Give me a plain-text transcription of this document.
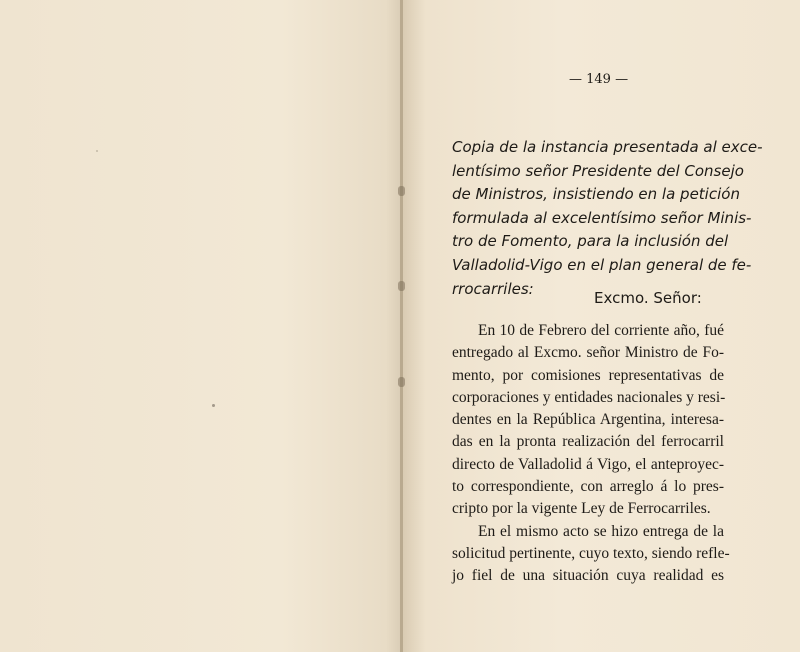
— 149 —
Copia de la instancia presentada al exce-
lentísimo señor Presidente del Consejo
de Ministros, insistiendo en la petición
formulada al excelentísimo señor Minis-
tro de Fomento, para la inclusión del
Valladolid-Vigo en el plan general de fe-
rrocarriles:
Excmo. Señor:
En 10 de Febrero del corriente año, fué
entregado al Excmo. señor Ministro de Fo-
mento, por comisiones representativas de
corporaciones y entidades nacionales y resi-
dentes en la República Argentina, interesa-
das en la pronta realización del ferrocarril
directo de Valladolid á Vigo, el anteproyec-
to correspondiente, con arreglo á lo pres-
cripto por la vigente Ley de Ferrocarriles.
En el mismo acto se hizo entrega de la
solicitud pertinente, cuyo texto, siendo refle-
jo fiel de una situación cuya realidad es
